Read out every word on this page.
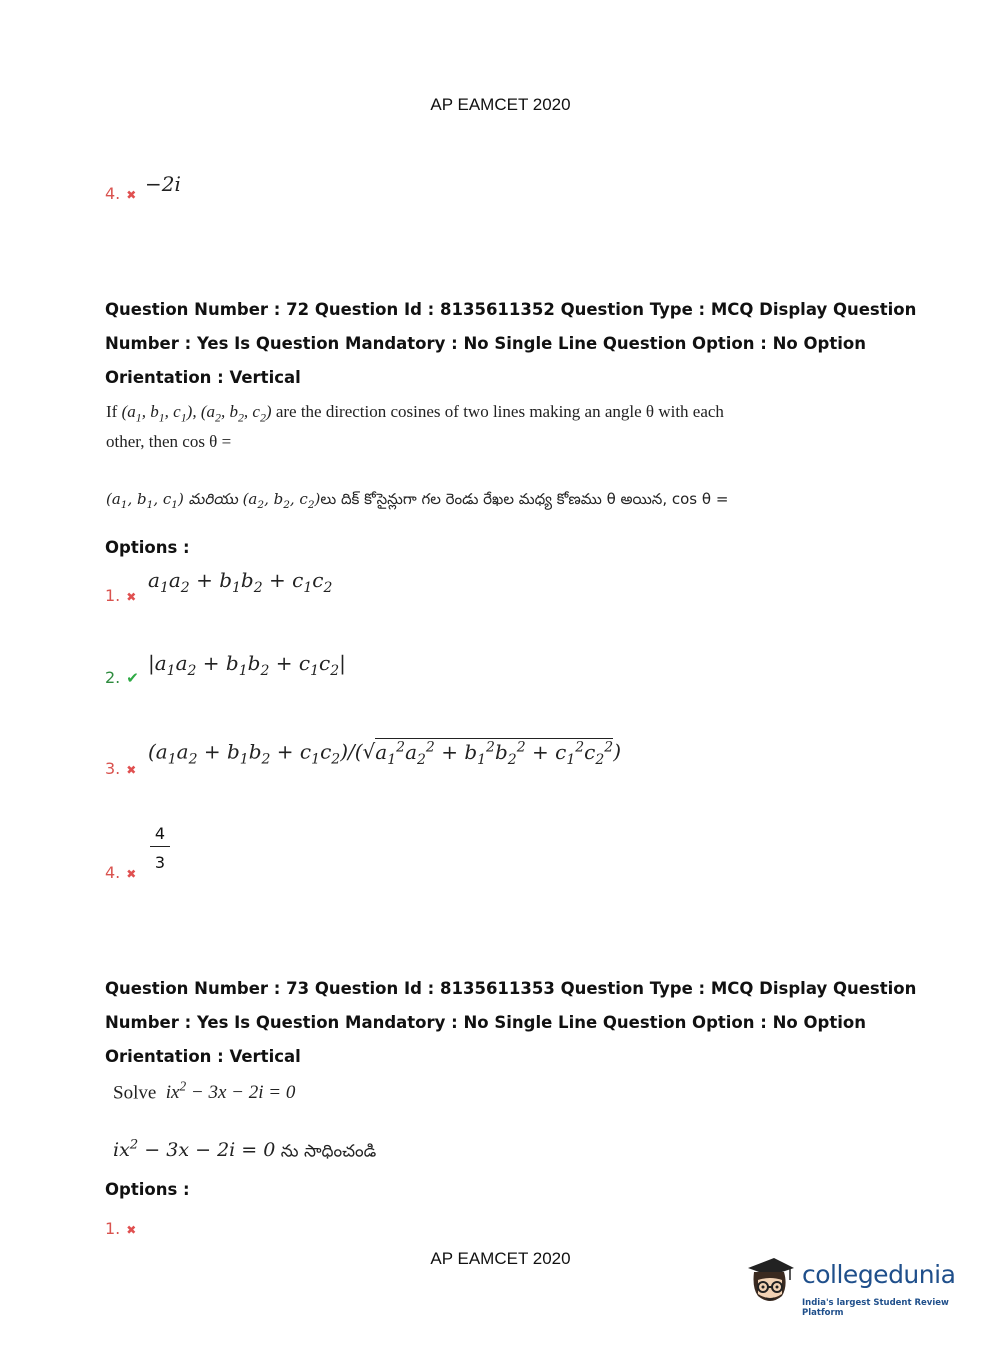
AP EAMCET 2020
4. ✖ −2i
Question Number : 72 Question Id : 8135611352 Question Type : MCQ Display Question
Number : Yes Is Question Mandatory : No Single Line Question Option : No Option
Orientation : Vertical
If ($a_1$, $b_1$, $c_1$), ($a_2$, $b_2$, $c_2$) are the direction cosines of two lines making an angle θ with each
other, then cos θ =
($a_1$, $b_1$, $c_1$) మరియు ($a_2$, $b_2$, $c_2)లు$ దిక్ కోసైన్లుగా గల రెండు రేఖల మధ్య కోణము θ అయిన, cos θ =
Options :
1. ✖
$a_1a_2 + b_1b_2 + c_1c_2$
2. ✔
$|a_1a_2 + b_1b_2 + c_1c_2|$
3. ✖
$(a_1a_2 + b_1b_2 + c_1c_2)/(√a_1^2a_2^2 + b_1^2b_2^2 + c_1^2c_2^2)$
4. ✖
$\frac{4}{3}$
Question Number : 73 Question Id : 8135611353 Question Type : MCQ Display Question
Number : Yes Is Question Mandatory : No Single Line Question Option : No Option
Orientation : Vertical
Solve $ix^2 - 3x - 2i = 0$
$ix^2 - 3x - 2i = 0$ ను సాధించండి
Options :
1. ✖
AP EAMCET 2020
collegedunia
India's largest Student Review Platform
